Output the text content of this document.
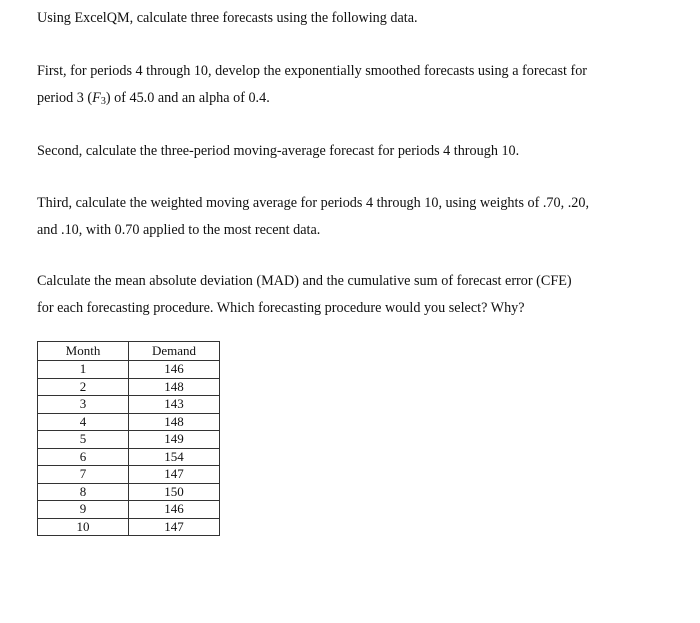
Using ExcelQM, calculate three forecasts using the following data.

First, for periods 4 through 10, develop the exponentially smoothed forecasts using a forecast for
period 3 $(F_3)$ of 45.0 and an alpha of 0.4.

Second, calculate the three-period moving-average forecast for periods 4 through 10.

Third, calculate the weighted moving average for periods 4 through 10, using weights of .70, .20,
and .10, with 0.70 applied to the most recent data.

Calculate the mean absolute deviation (MAD) and the cumulative sum of forecast error (CFE)
for each forecasting procedure. Which forecasting procedure would you select? Why?

Month	Demand
1	146
2	148
3	143
4	148
5	149
6	154
7	147
8	150
9	146
10	147
